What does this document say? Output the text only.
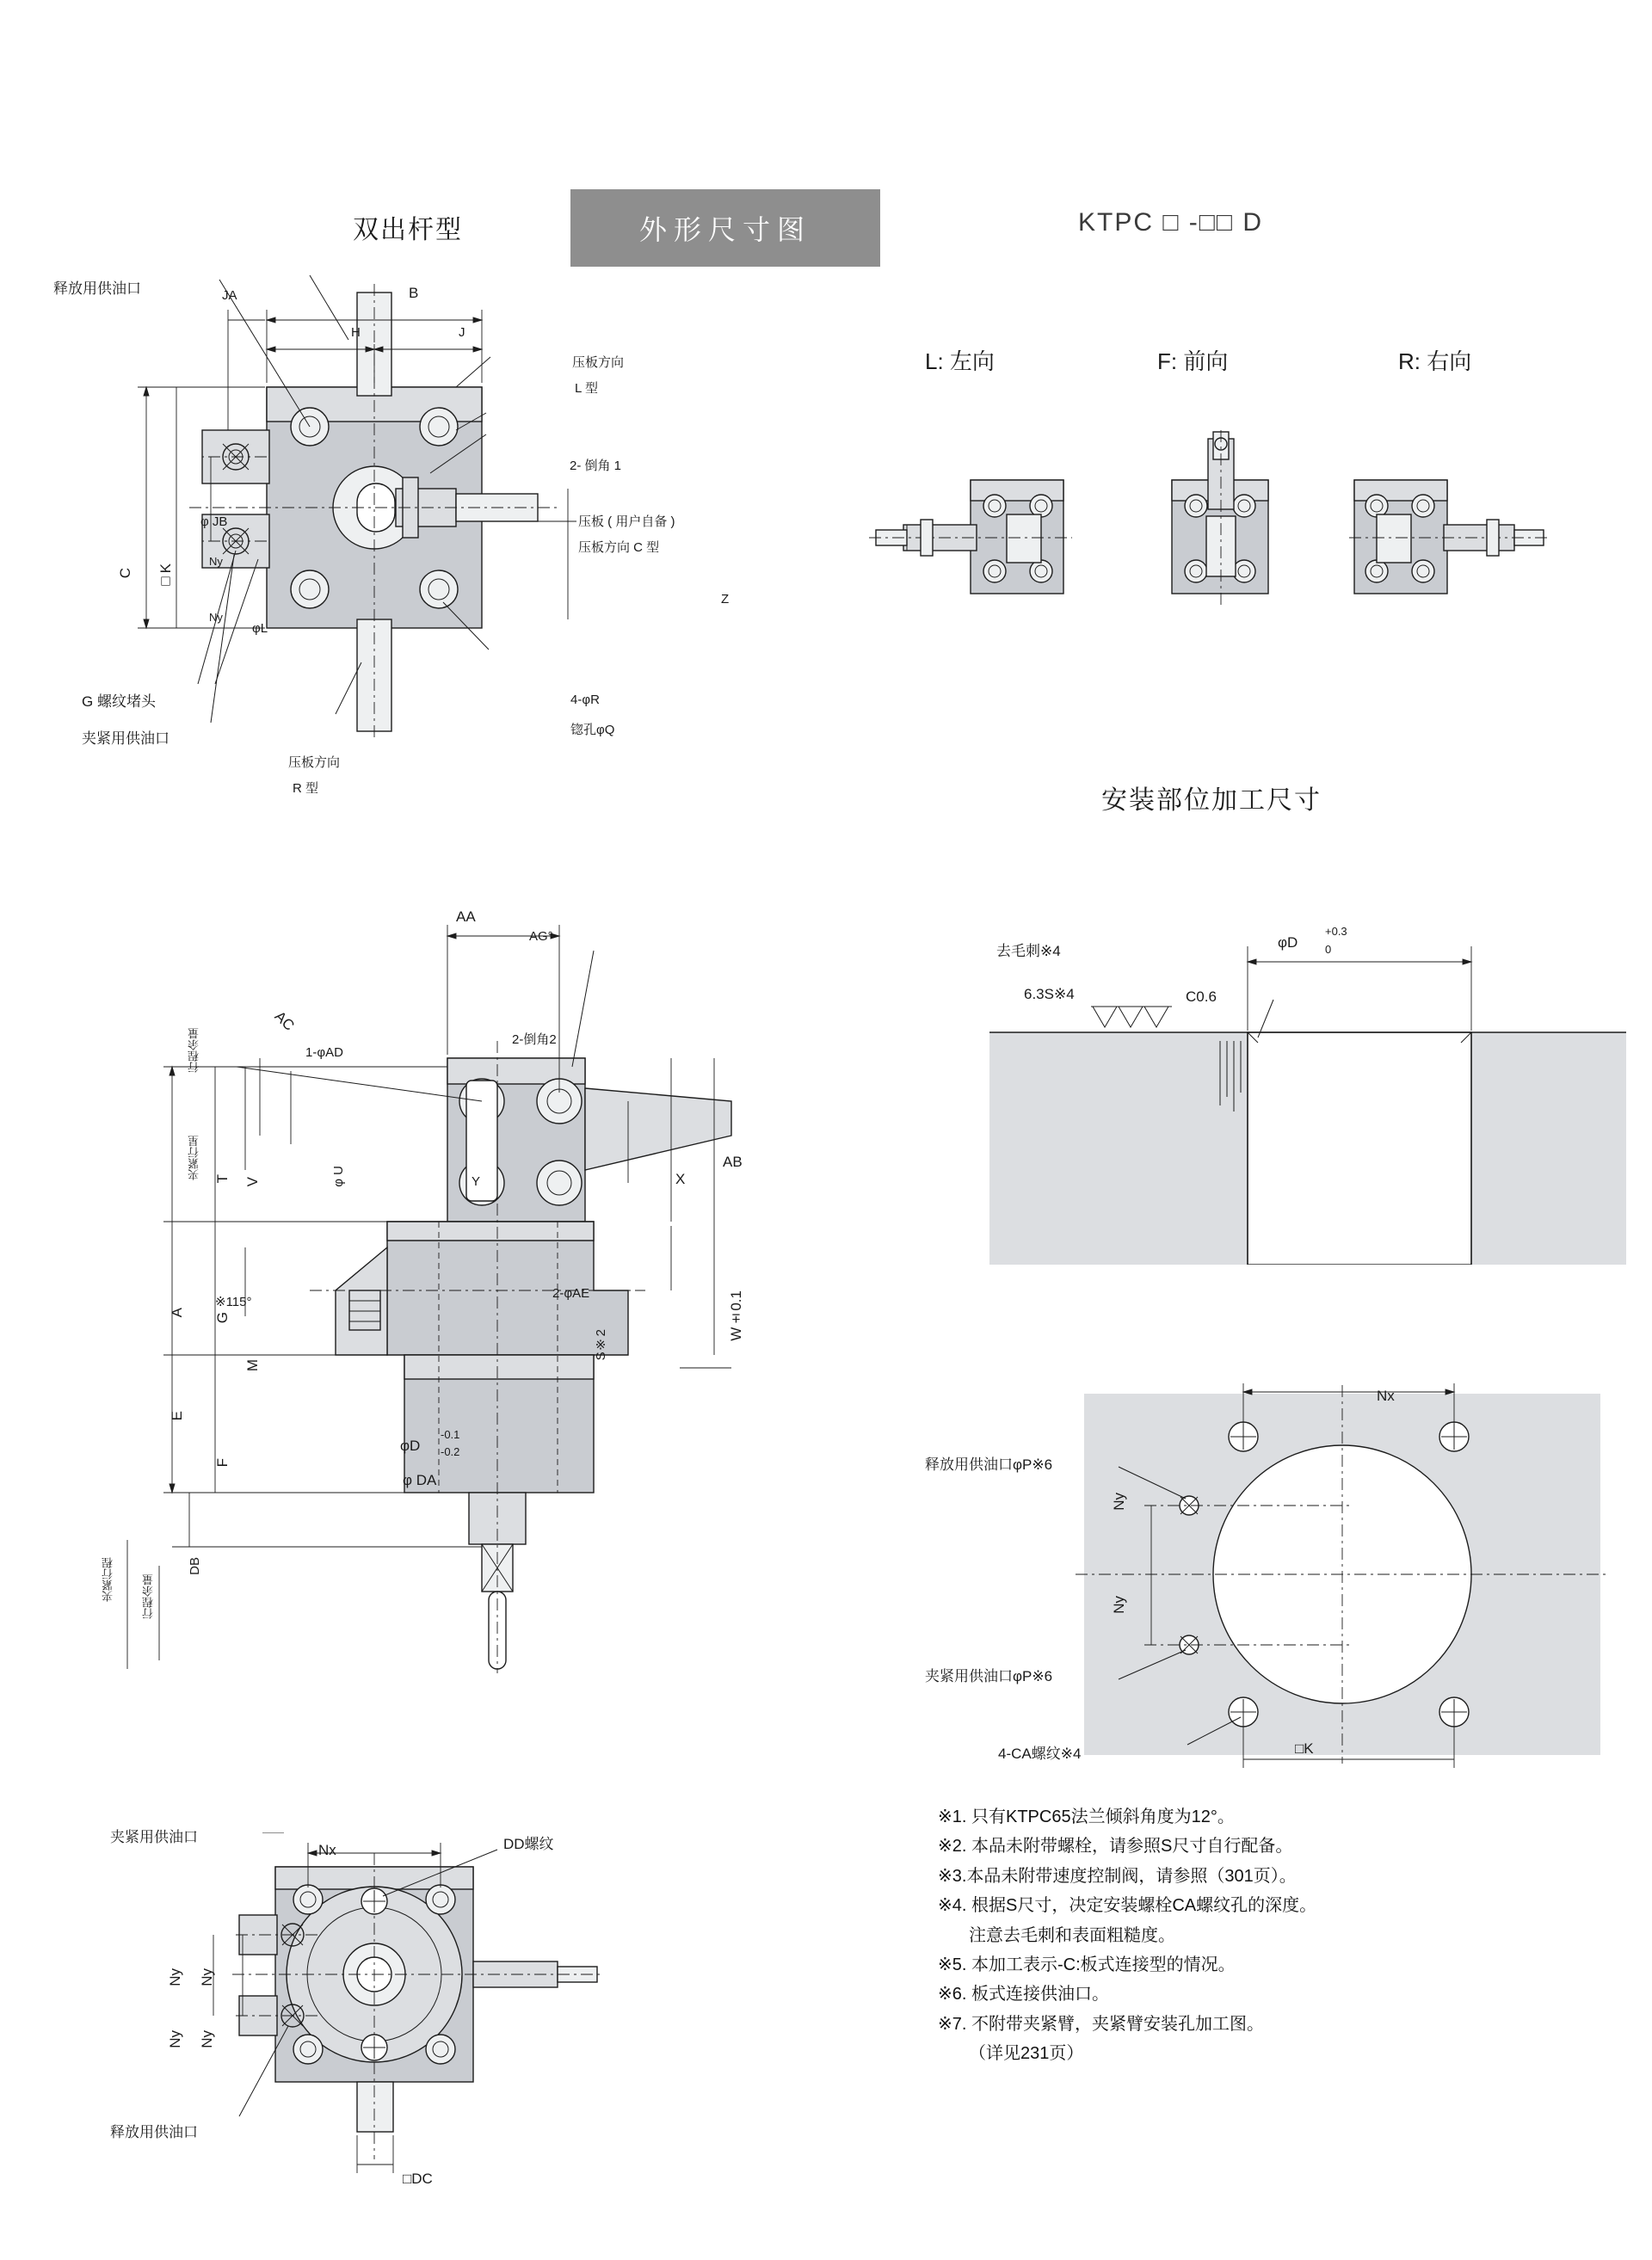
双出杆型	外形尺寸图	KTPC □ -□□ D
释放用供油口	JA	B
H	J
压板方向
L 型
2- 倒角 1
压板 ( 用户自备 )
压板方向 C 型
Z
φ JB
Ny
Ny
C □K
φL
G 螺纹堵头
夹紧用供油口
压板方向
R 型
4-φR
锪孔φQ
L: 左向	F: 前向	R: 右向
安装部位加工尺寸
AA
AG°
AC
行程余量
夹紧行星
1-φAD
2-倒角2
φ U	Y	X
AB
T V
A G
M
E
F
DB
※115°
2-φAE	W±0.1
S※2
φD
-0.1
-0.2
φ DA
夹紧行程 行程余量
去毛刺※4
6.3S※4	C0.6
φD
+0.3
0
释放用供油口φP※6
Nx
Ny
Ny
夹紧用供油口φP※6
4-CA螺纹※4	□K
夹紧用供油口
Nx	DD螺纹
Ny
Ny
Ny
Ny
释放用供油口
□DC
※1. 只有KTPC65法兰倾斜角度为12°。
※2. 本品未附带螺栓，请参照S尺寸自行配备。
※3.本品未附带速度控制阀，请参照（301页）。
※4. 根据S尺寸，决定安装螺栓CA螺纹孔的深度。
注意去毛刺和表面粗糙度。
※5. 本加工表示-C:板式连接型的情况。
※6. 板式连接供油口。
※7. 不附带夹紧臂，夹紧臂安装孔加工图。
（详见231页）
